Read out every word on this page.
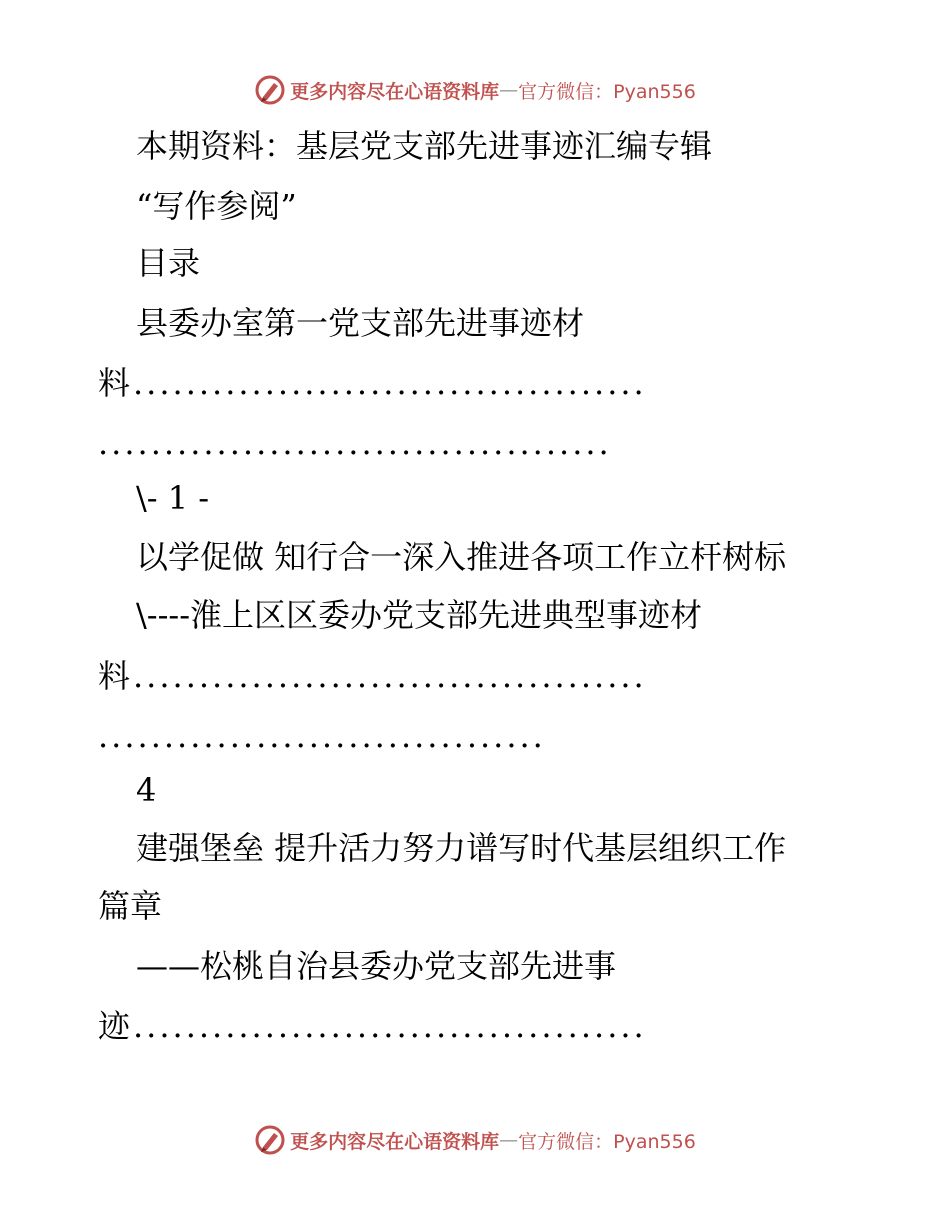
更多内容尽在心语资料库 — 官方微信：Pyan556
本期资料：基层党支部先进事迹汇编专辑
“写作参阅”
目录
县委办室第一党支部先进事迹材
料.......................................
.......................................
\- 1 -
以学促做 知行合一深入推进各项工作立杆树标
\----淮上区区委办党支部先进典型事迹材
料.......................................
..................................
4
建强堡垒 提升活力努力谱写时代基层组织工作
篇章
——松桃自治县委办党支部先进事
迹.......................................
更多内容尽在心语资料库 — 官方微信：Pyan556
